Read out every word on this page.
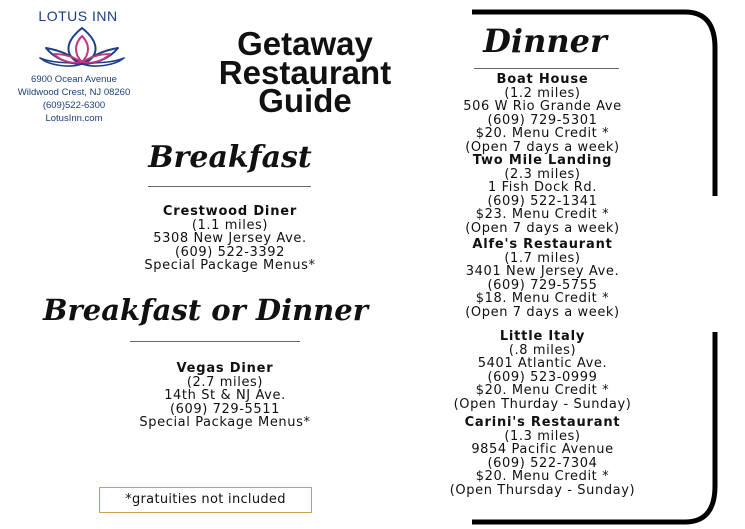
LOTUS INN
6900 Ocean Avenue
Wildwood Crest, NJ 08260
(609)522-6300
LotusInn.com
Getaway
Restaurant
Guide
Breakfast
Crestwood Diner
(1.1 miles)
5308 New Jersey Ave.
(609) 522-3392
Special Package Menus*
Breakfast or Dinner
Vegas Diner
(2.7 miles)
14th St & NJ Ave.
(609) 729-5511
Special Package Menus*
*gratuities not included
Dinner
Boat House
(1.2 miles)
506 W Rio Grande Ave
(609) 729-5301
$20. Menu Credit *
(Open 7 days a week)
Two Mile Landing
(2.3 miles)
1 Fish Dock Rd.
(609) 522-1341
$23. Menu Credit *
(Open 7 days a week)
Alfe's Restaurant
(1.7 miles)
3401 New Jersey Ave.
(609) 729-5755
$18. Menu Credit *
(Open 7 days a week)
Little Italy
(.8 miles)
5401 Atlantic Ave.
(609) 523-0999
$20. Menu Credit *
(Open Thurday - Sunday)
Carini's Restaurant
(1.3 miles)
9854 Pacific Avenue
(609) 522-7304
$20. Menu Credit *
(Open Thursday - Sunday)
